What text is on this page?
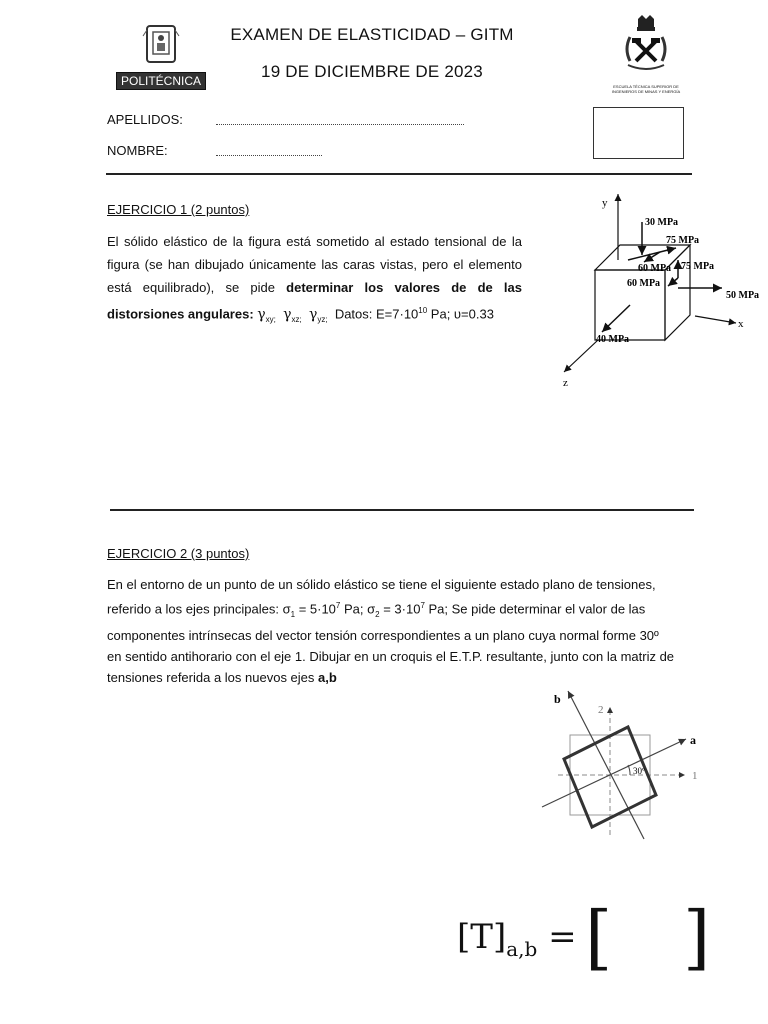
POLITÉCNICA
EXAMEN DE ELASTICIDAD – GITM
19 DE DICIEMBRE DE 2023
ESCUELA TÉCNICA SUPERIOR DE INGENIEROS DE MINAS Y ENERGÍA
APELLIDOS:
NOMBRE:
EJERCICIO 1 (2 puntos)
El sólido elástico de la figura está sometido al estado tensional de la figura (se han dibujado únicamente las caras vistas, pero el elemento está equilibrado), se pide determinar los valores de de las distorsiones angulares: $\gamma_{xy;}$ $\gamma_{xz;}$ $\gamma_{yz;}$ Datos: $E=7\cdot 10^{10}$ Pa; υ=0.33
y
x
z
30 MPa
75 MPa
60 MPa 75 MPa
60 MPa
50 MPa
40 MPa
EJERCICIO 2 (3 puntos)
En el entorno de un punto de un sólido elástico se tiene el siguiente estado plano de tensiones,
referido a los ejes principales: $\sigma_1 = 5\cdot 10^7$ Pa; $\sigma_2 = 3\cdot 10^7$ Pa; Se pide determinar el valor de las
componentes intrínsecas del vector tensión correspondientes a un plano cuya normal forme 30º
en sentido antihorario con el eje 1. Dibujar en un croquis el E.T.P. resultante, junto con la matriz de
tensiones referida a los nuevos ejes a,b
1
2
a
b
30º
$[T]_{a,b}$ = [ ]
